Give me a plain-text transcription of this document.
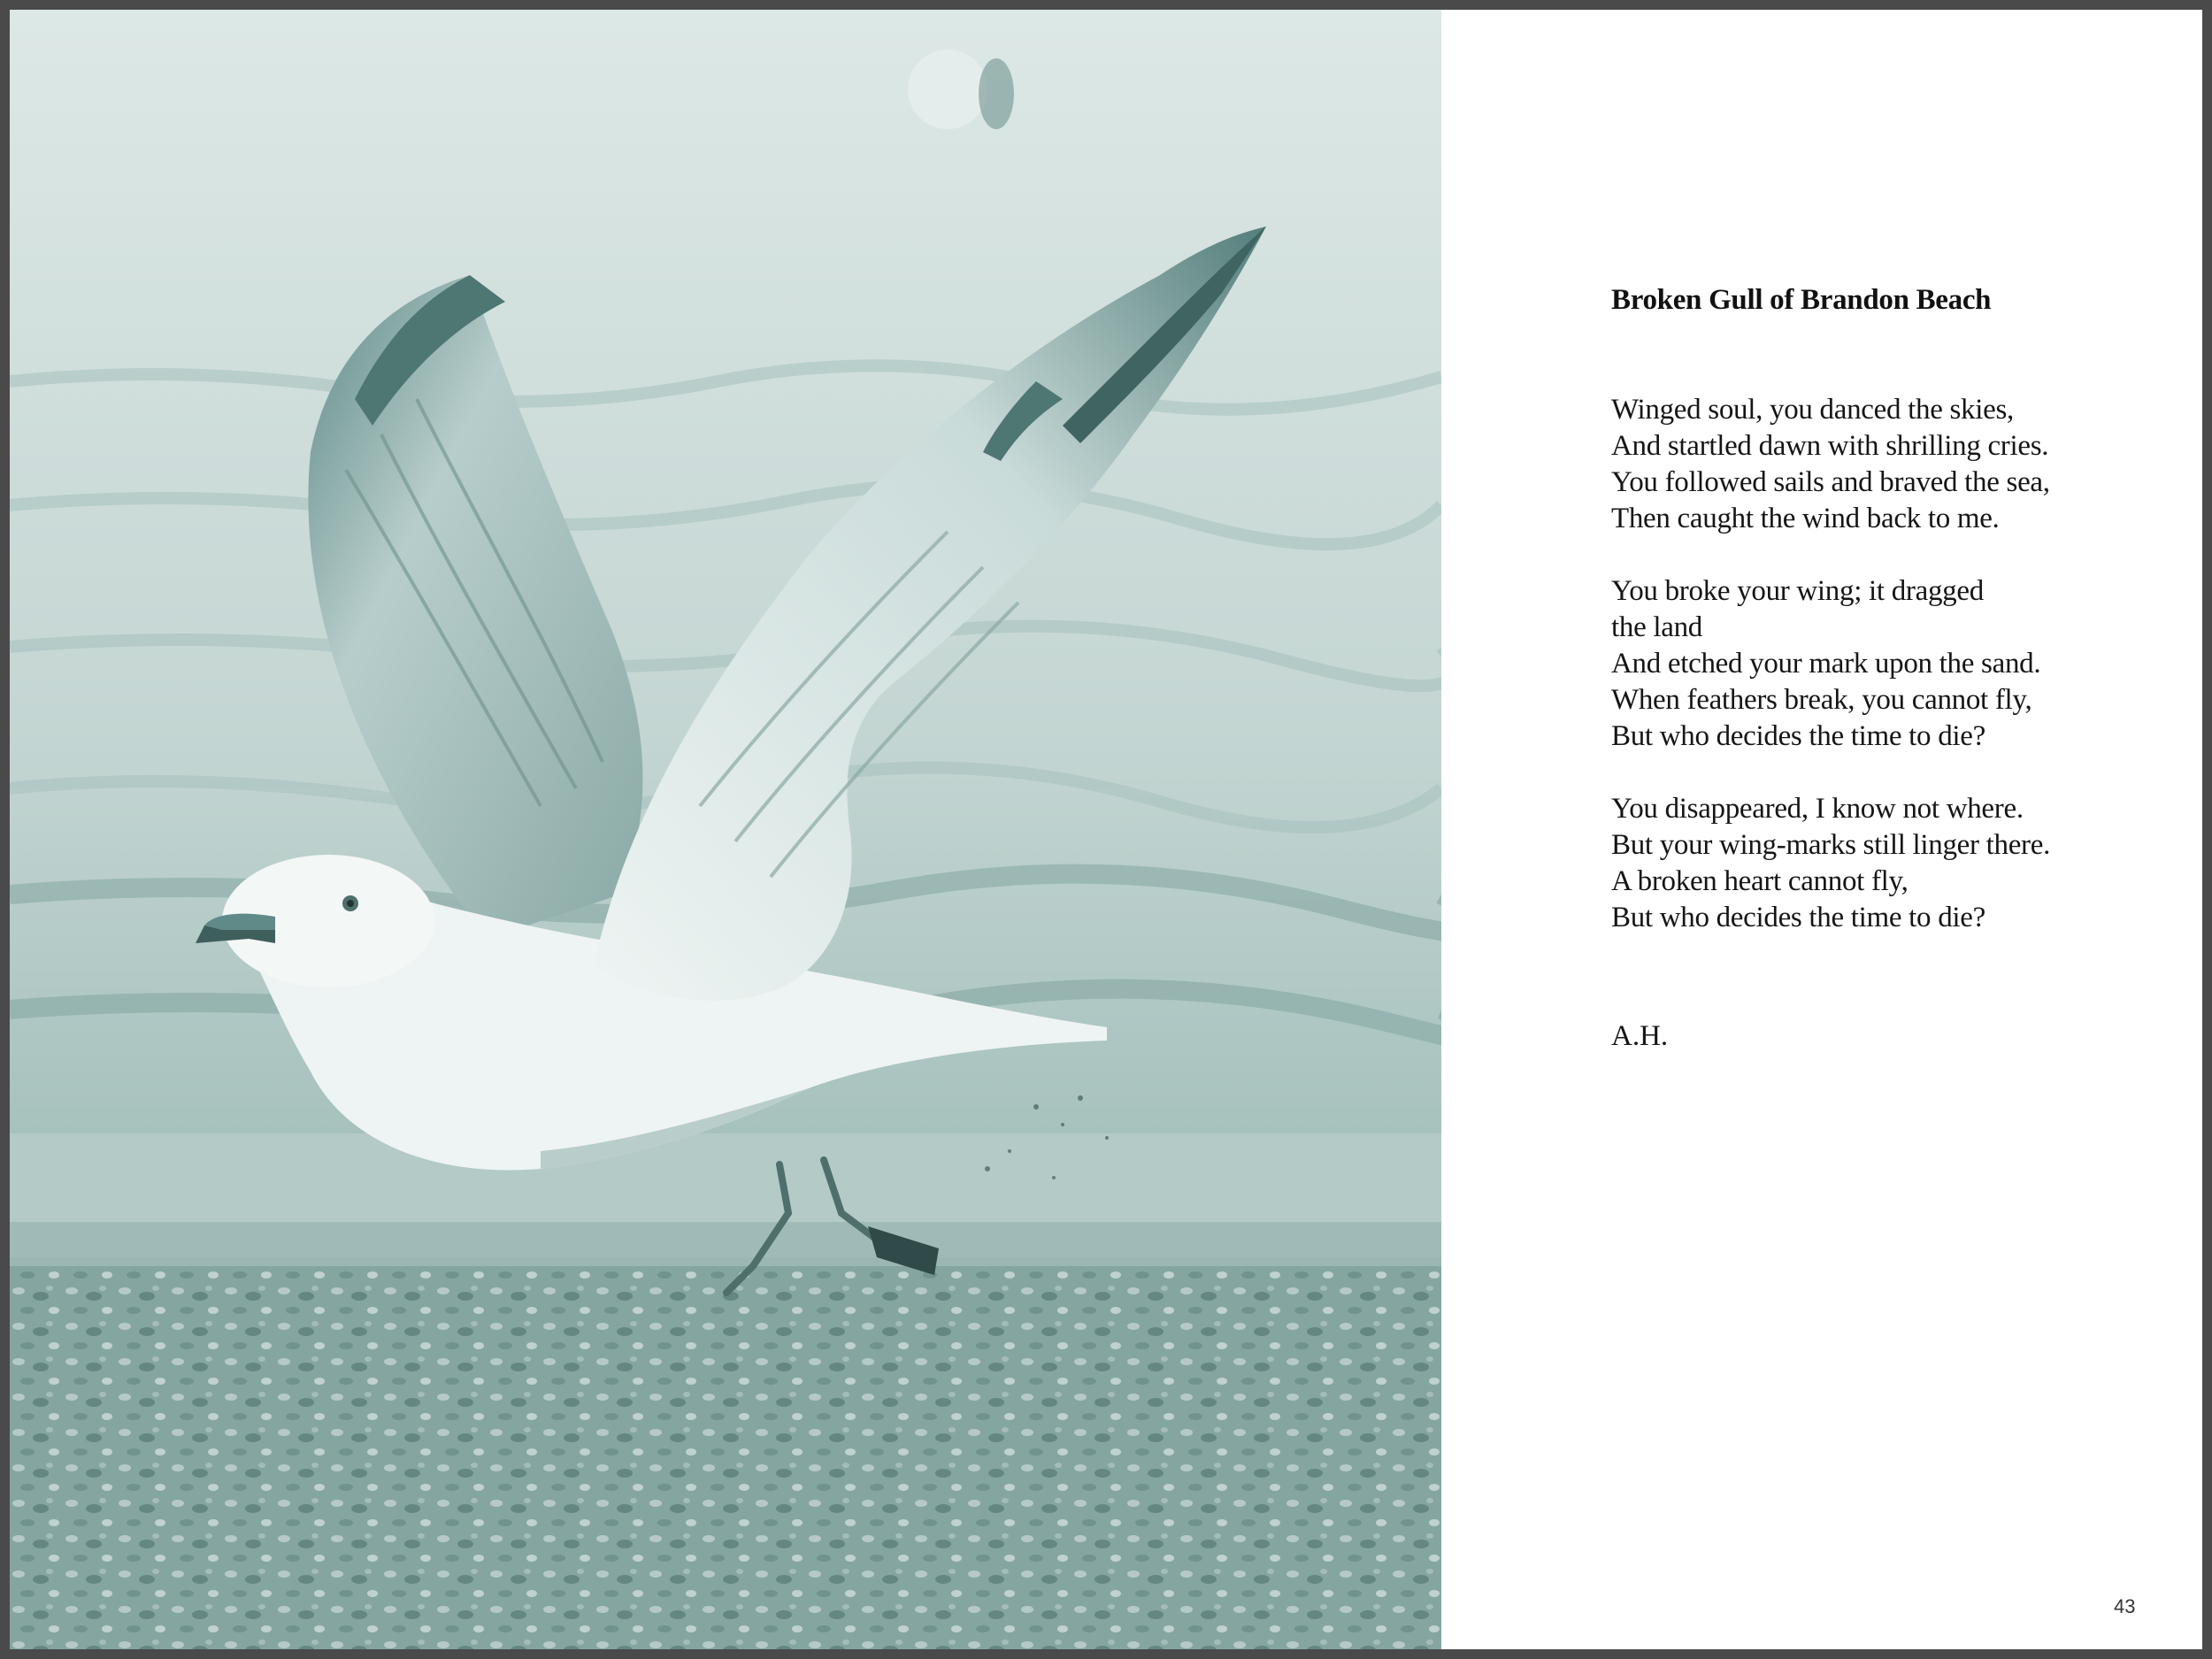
Broken Gull of Brandon Beach
Winged soul, you danced the skies,
And startled dawn with shrilling cries.
You followed sails and braved the sea,
Then caught the wind back to me.
You broke your wing; it dragged
the land
And etched your mark upon the sand.
When feathers break, you cannot fly,
But who decides the time to die?
You disappeared, I know not where.
But your wing-marks still linger there.
A broken heart cannot fly,
But who decides the time to die?
A.H.
43
